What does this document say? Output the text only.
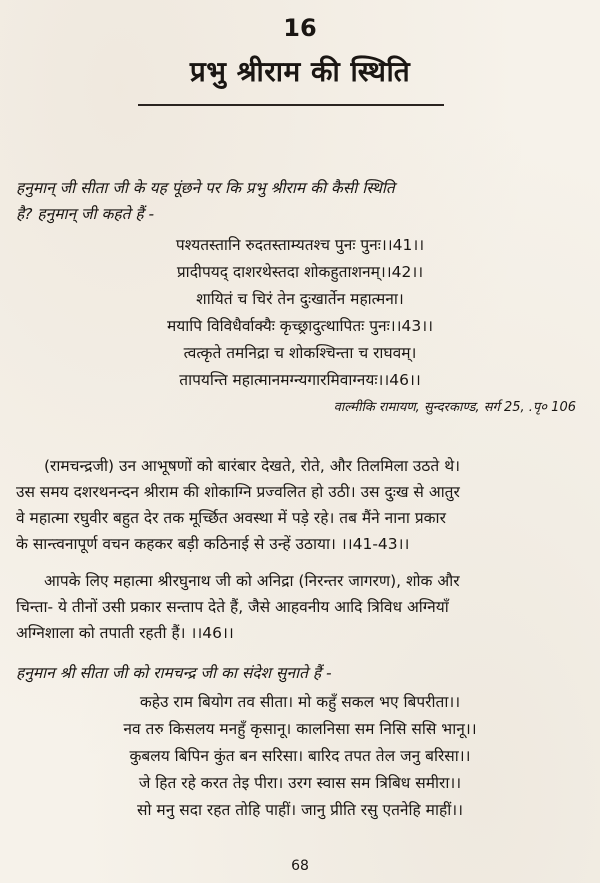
16
प्रभु श्रीराम की स्थिति
हनुमान् जी सीता जी के यह पूंछने पर कि प्रभु श्रीराम की कैसी स्थिति
है? हनुमान् जी कहते हैं -
पश्यतस्तानि रुदतस्ताम्यतश्च पुनः पुनः।।41।।
प्रादीपयद् दाशरथेस्तदा शोकहुताशनम्।।42।।
शायितं च चिरं तेन दुःखार्तेन महात्मना।
मयापि विविधैर्वाक्यैः कृच्छ्रादुत्थापितः पुनः।।43।।
त्वत्कृते तमनिद्रा च शोकश्चिन्ता च राघवम्।
तापयन्ति महात्मानमग्न्यगारमिवाग्नयः।।46।।
वाल्मीकि रामायण, सुन्दरकाण्ड, सर्ग 25, .पृ० 106
(रामचन्द्रजी) उन आभूषणों को बारंबार देखते, रोते, और तिलमिला उठते थे।
उस समय दशरथनन्दन श्रीराम की शोकाग्नि प्रज्वलित हो उठी। उस दुःख से आतुर
वे महात्मा रघुवीर बहुत देर तक मूर्च्छित अवस्था में पड़े रहे। तब मैंने नाना प्रकार
के सान्त्वनापूर्ण वचन कहकर बड़ी कठिनाई से उन्हें उठाया। ।।41-43।।
आपके लिए महात्मा श्रीरघुनाथ जी को अनिद्रा (निरन्तर जागरण), शोक और
चिन्ता- ये तीनों उसी प्रकार सन्ताप देते हैं, जैसे आहवनीय आदि त्रिविध अग्नियाँ
अग्निशाला को तपाती रहती हैं। ।।46।।
हनुमान श्री सीता जी को रामचन्द्र जी का संदेश सुनाते हैं -
कहेउ राम बियोग तव सीता। मो कहुँ सकल भए बिपरीता।।
नव तरु किसलय मनहुँ कृसानू। कालनिसा सम निसि ससि भानू।।
कुबलय बिपिन कुंत बन सरिसा। बारिद तपत तेल जनु बरिसा।।
जे हित रहे करत तेइ पीरा। उरग स्वास सम त्रिबिध समीरा।।
सो मनु सदा रहत तोहि पाहीं। जानु प्रीति रसु एतनेहि माहीं।।
68
